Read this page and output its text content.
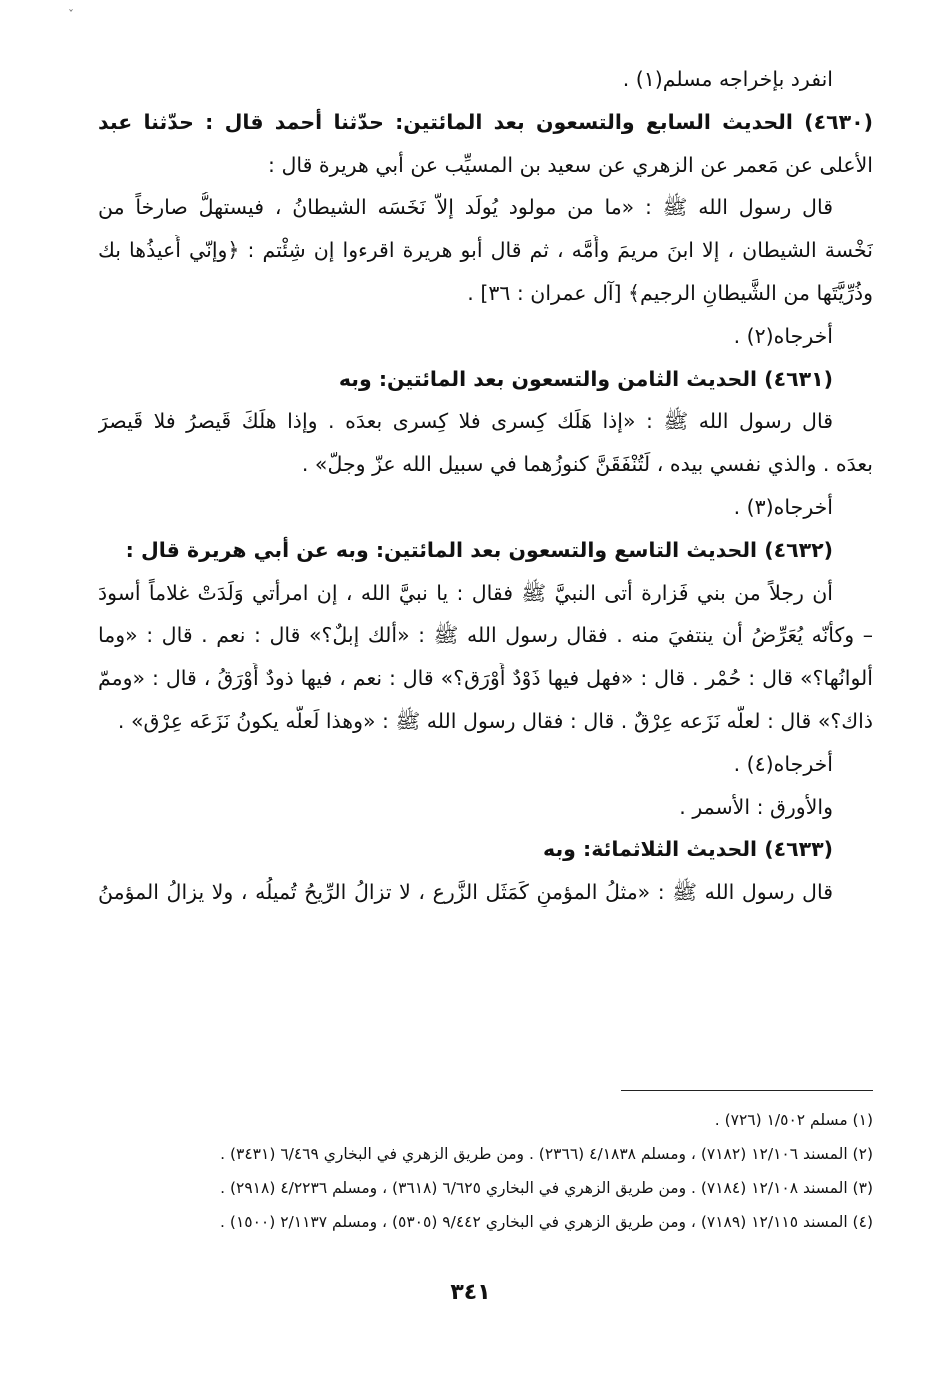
ˇ
انفرد بإخراجه مسلم(١) .
(٤٦٣٠) الحديث السابع والتسعون بعد المائتين: حدّثنا أحمد قال : حدّثنا عبد
الأعلى عن مَعمر عن الزهري عن سعيد بن المسيِّب عن أبي هريرة قال :
قال رسول الله ﷺ : «ما من مولود يُولَد إلاّ نَخَسَه الشيطانُ ، فيستهلُّ صارخاً من
نَخْسة الشيطان ، إلا ابنَ مريمَ وأُمَّه ، ثم قال أبو هريرة اقرءوا إن شِئْتم : ﴿وإنّي أُعيذُها بك
وذُرِّيَّتَها من الشَّيطانِ الرجيم﴾ [آل عمران : ٣٦] .
أخرجاه(٢) .
(٤٦٣١) الحديث الثامن والتسعون بعد المائتين: وبه
قال رسول الله ﷺ : «إذا هَلَك كِسرى فلا كِسرى بعدَه . وإذا هلَكَ قَيصرُ فلا قَيصرَ
بعدَه . والذي نفسي بيده ، لَتُنْفَقَنَّ كنوزُهما في سبيل الله عزّ وجلّ» .
أخرجاه(٣) .
(٤٦٣٢) الحديث التاسع والتسعون بعد المائتين: وبه عن أبي هريرة قال :
أن رجلاً من بني فَزارة أتى النبيَّ ﷺ فقال : يا نبيَّ الله ، إن امرأتي وَلَدَتْ غلاماً أسودَ
– وكأنّه يُعَرِّضُ أن ينتفيَ منه . فقال رسول الله ﷺ : «ألك إبلٌ؟» قال : نعم . قال : «وما
ألوانُها؟» قال : حُمْر . قال : «فهل فيها ذَوْدٌ أَوْرَق؟» قال : نعم ، فيها ذودٌ أَوْرَقُ ، قال : «وممّ
ذاك؟» قال : لعلّه نَزَعه عِرْقٌ . قال : فقال رسول الله ﷺ : «وهذا لَعلّه يكونُ نَزَعَه عِرْق» .
أخرجاه(٤) .
والأورق : الأسمر .
(٤٦٣٣) الحديث الثلاثمائة: وبه
قال رسول الله ﷺ : «مثلُ المؤمنِ كَمَثَل الزَّرع ، لا تزالُ الرِّيحُ تُميلُه ، ولا يزالُ المؤمنُ
(١) مسلم ١/٥٠٢ (٧٢٦) .
(٢) المسند ١٢/١٠٦ (٧١٨٢) ، ومسلم ٤/١٨٣٨ (٢٣٦٦) . ومن طريق الزهري في البخاري ٦/٤٦٩ (٣٤٣١) .
(٣) المسند ١٢/١٠٨ (٧١٨٤) . ومن طريق الزهري في البخاري ٦/٦٢٥ (٣٦١٨) ، ومسلم ٤/٢٢٣٦ (٢٩١٨) .
(٤) المسند ١٢/١١٥ (٧١٨٩) ، ومن طريق الزهري في البخاري ٩/٤٤٢ (٥٣٠٥) ، ومسلم ٢/١١٣٧ (١٥٠٠) .
٣٤١
